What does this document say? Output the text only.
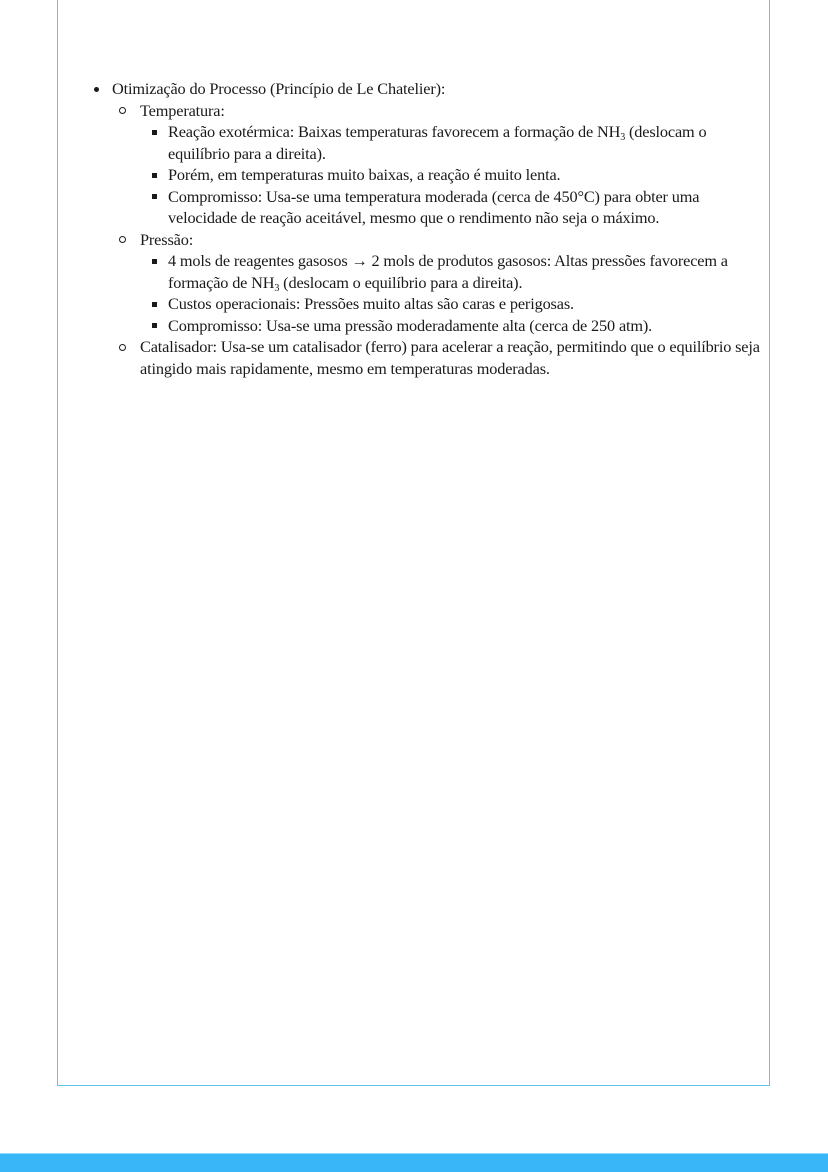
Otimização do Processo (Princípio de Le Chatelier):
Temperatura:
Reação exotérmica: Baixas temperaturas favorecem a formação de $NH_3$ (deslocam o equilíbrio para a direita).
Porém, em temperaturas muito baixas, a reação é muito lenta.
Compromisso: Usa-se uma temperatura moderada (cerca de 450°C) para obter uma velocidade de reação aceitável, mesmo que o rendimento não seja o máximo.
Pressão:
4 mols de reagentes gasosos → 2 mols de produtos gasosos: Altas pressões favorecem a formação de $NH_3$ (deslocam o equilíbrio para a direita).
Custos operacionais: Pressões muito altas são caras e perigosas.
Compromisso: Usa-se uma pressão moderadamente alta (cerca de 250 atm).
Catalisador: Usa-se um catalisador (ferro) para acelerar a reação, permitindo que o equilíbrio seja atingido mais rapidamente, mesmo em temperaturas moderadas.
